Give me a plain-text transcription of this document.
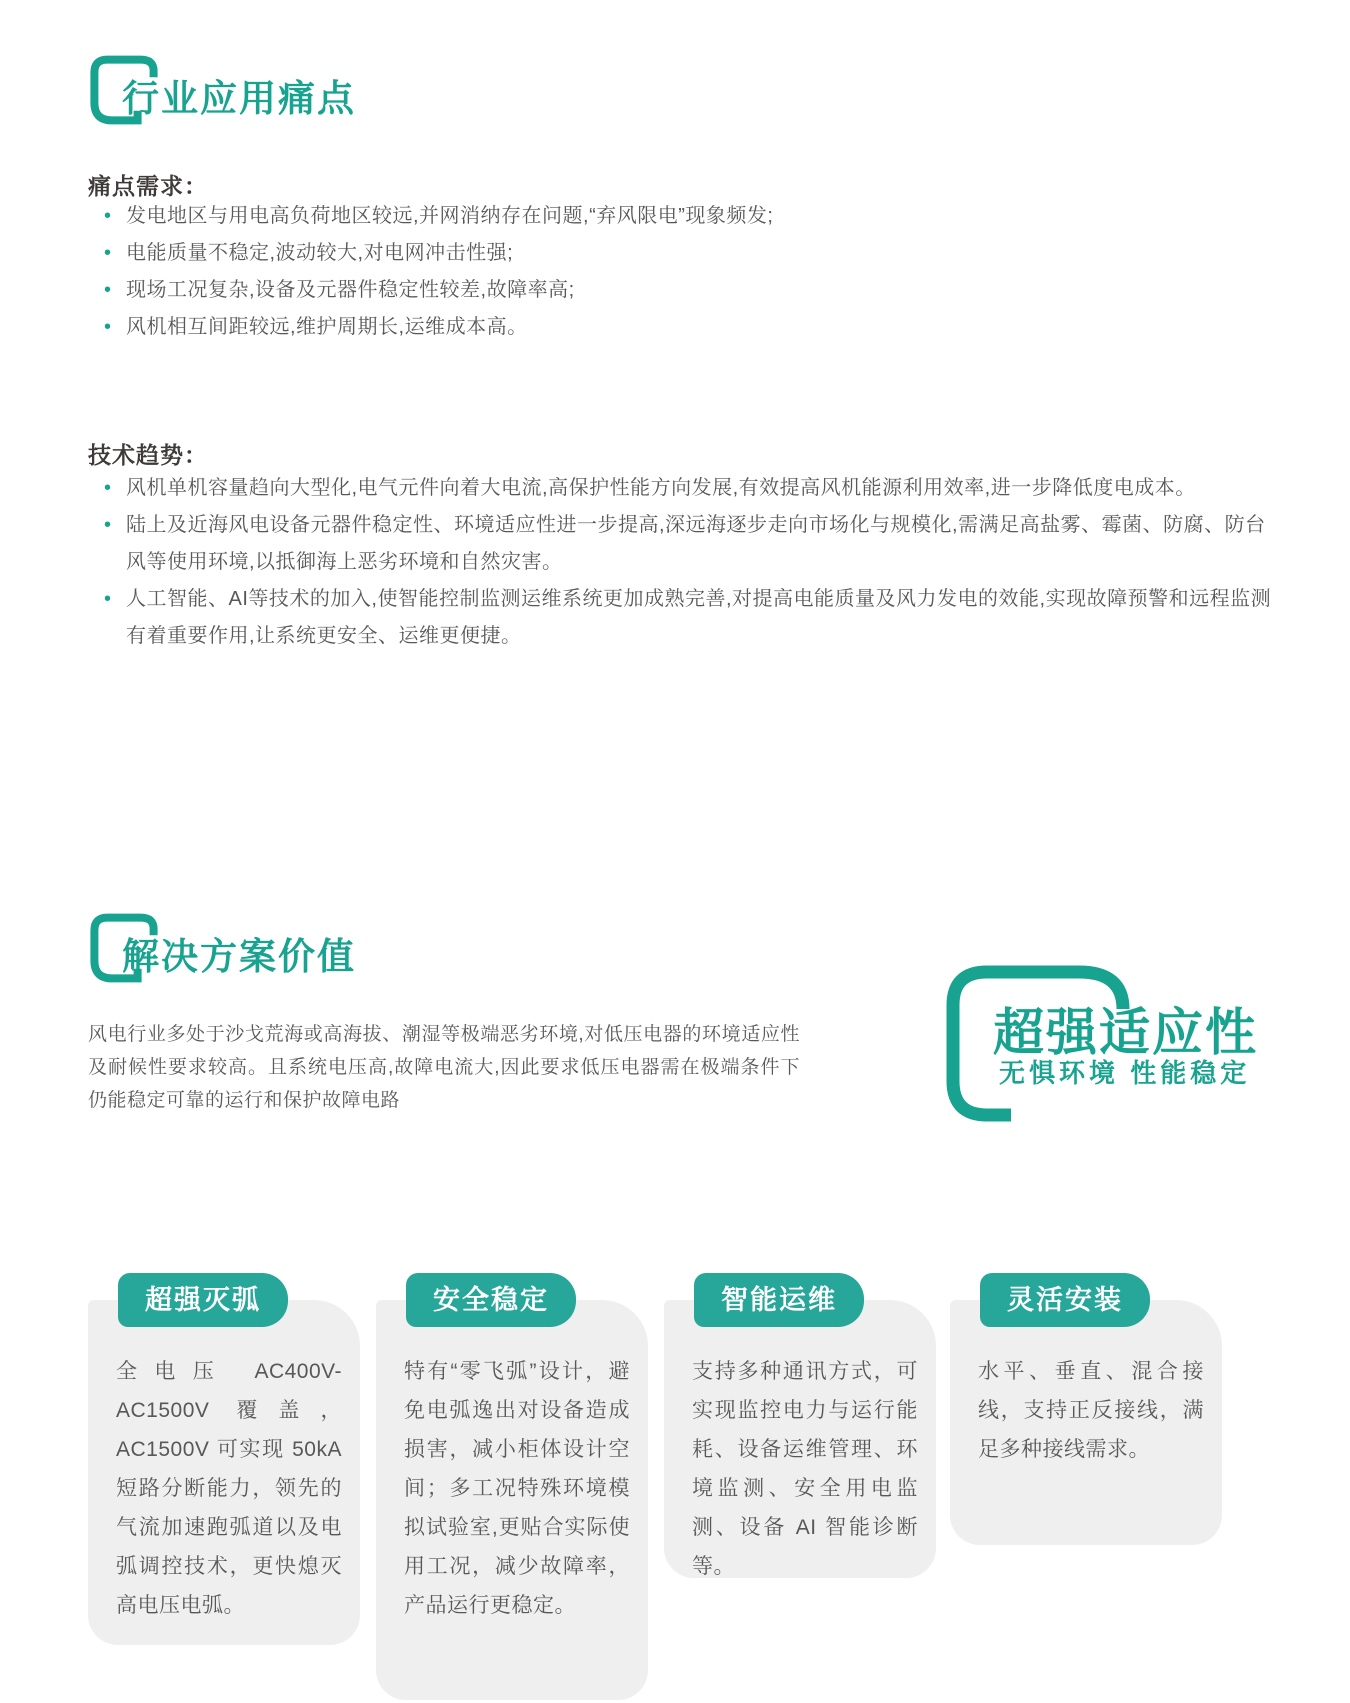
行业应用痛点
痛点需求：
• 发电地区与用电高负荷地区较远,并网消纳存在问题,“弃风限电”现象频发;
• 电能质量不稳定,波动较大,对电网冲击性强;
• 现场工况复杂,设备及元器件稳定性较差,故障率高;
• 风机相互间距较远,维护周期长,运维成本高。
技术趋势：
• 风机单机容量趋向大型化,电气元件向着大电流,高保护性能方向发展,有效提高风机能源利用效率,进一步降低度电成本。
• 陆上及近海风电设备元器件稳定性、环境适应性进一步提高,深远海逐步走向市场化与规模化,需满足高盐雾、霉菌、防腐、防台风等使用环境,以抵御海上恶劣环境和自然灾害。
• 人工智能、AI等技术的加入,使智能控制监测运维系统更加成熟完善,对提高电能质量及风力发电的效能,实现故障预警和远程监测有着重要作用,让系统更安全、运维更便捷。
解决方案价值
风电行业多处于沙戈荒海或高海拔、潮湿等极端恶劣环境,对低压电器的环境适应性及耐候性要求较高。且系统电压高,故障电流大,因此要求低压电器需在极端条件下仍能稳定可靠的运行和保护故障电路
超强适应性
无惧环境 性能稳定
超强灭弧
全电压 AC400V-AC1500V 覆盖，AC1500V 可实现 50kA 短路分断能力，领先的气流加速跑弧道以及电弧调控技术，更快熄灭高电压电弧。
安全稳定
特有“零飞弧”设计，避免电弧逸出对设备造成损害，减小柜体设计空间；多工况特殊环境模拟试验室,更贴合实际使用工况，减少故障率，产品运行更稳定。
智能运维
支持多种通讯方式，可实现监控电力与运行能耗、设备运维管理、环境监测、安全用电监测、设备 AI 智能诊断等。
灵活安装
水平、垂直、混合接线，支持正反接线，满足多种接线需求。
